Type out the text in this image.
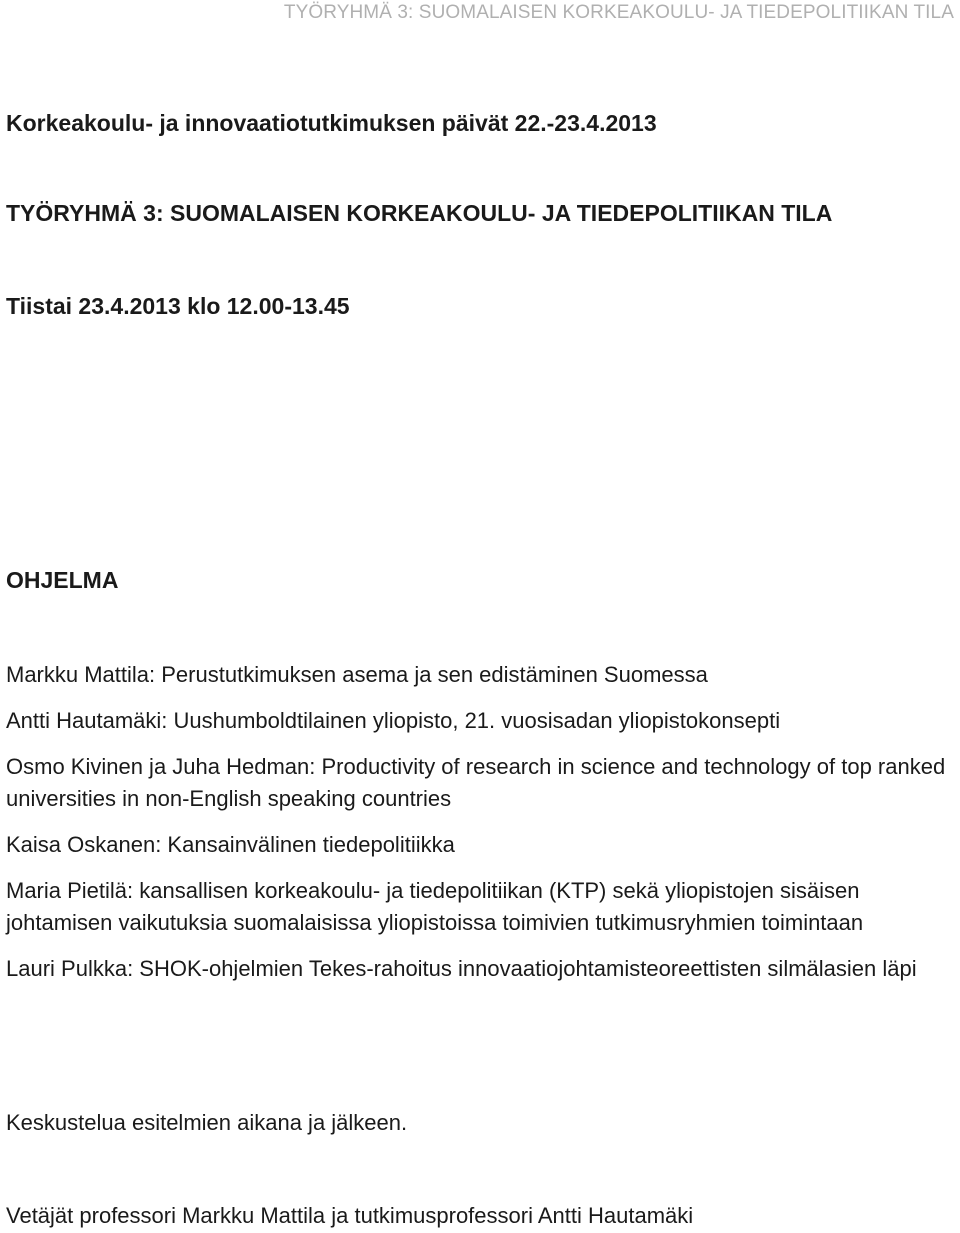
TYÖRYHMÄ 3: SUOMALAISEN KORKEAKOULU- JA TIEDEPOLITIIKAN TILA
Korkeakoulu- ja innovaatiotutkimuksen päivät 22.-23.4.2013
TYÖRYHMÄ 3: SUOMALAISEN KORKEAKOULU- JA TIEDEPOLITIIKAN TILA
Tiistai 23.4.2013 klo 12.00-13.45
OHJELMA
Markku Mattila: Perustutkimuksen asema ja sen edistäminen Suomessa
Antti Hautamäki: Uushumboldtilainen yliopisto, 21. vuosisadan yliopistokonsepti
Osmo Kivinen ja Juha Hedman: Productivity of research in science and technology of top ranked universities in non-English speaking countries
Kaisa Oskanen: Kansainvälinen tiedepolitiikka
Maria Pietilä: kansallisen korkeakoulu- ja tiedepolitiikan (KTP) sekä yliopistojen sisäisen johtamisen vaikutuksia suomalaisissa yliopistoissa toimivien tutkimusryhmien toimintaan
Lauri Pulkka: SHOK-ohjelmien Tekes-rahoitus innovaatiojohtamisteoreettisten silmälasien läpi
Keskustelua esitelmien aikana ja jälkeen.
Vetäjät professori Markku Mattila ja tutkimusprofessori Antti Hautamäki
